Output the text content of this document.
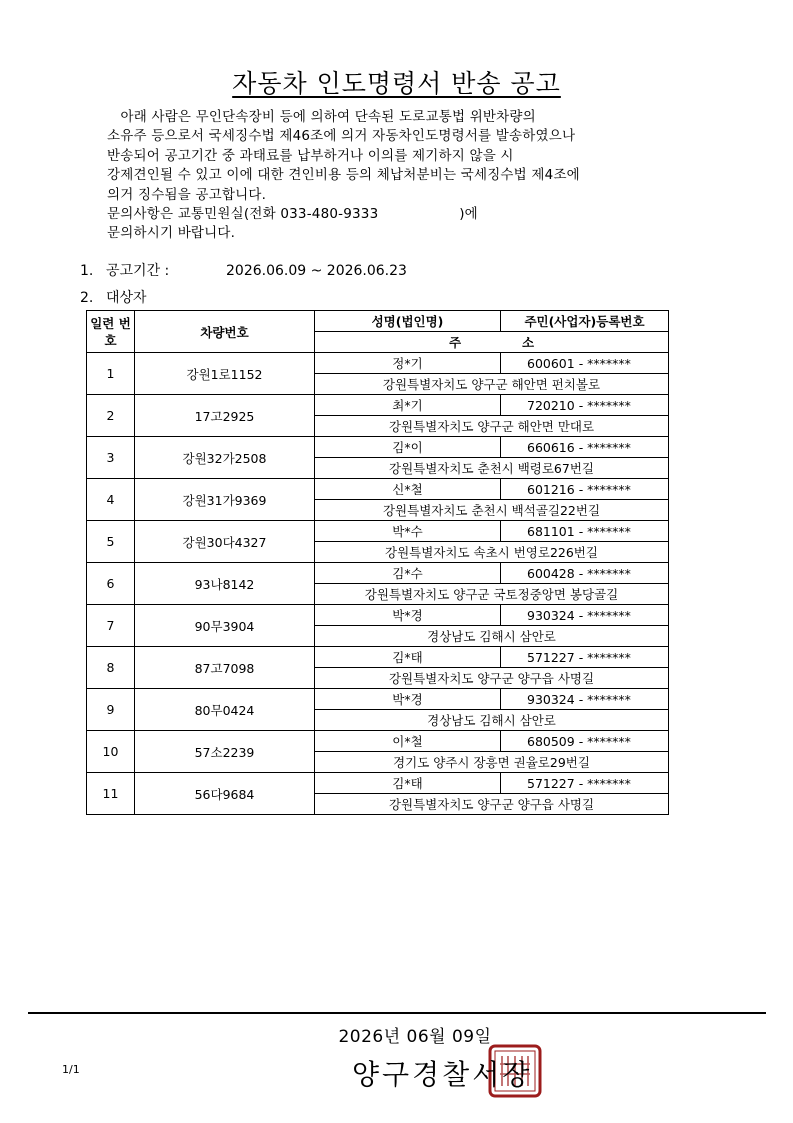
자동차 인도명령서 반송 공고
아래 사람은 무인단속장비 등에 의하여 단속된 도로교통법 위반차량의
소유주 등으로서 국세징수법 제46조에 의거 자동차인도명령서를 발송하였으나
반송되어 공고기간 중 과태료를 납부하거나 이의를 제기하지 않을 시
강제견인될 수 있고 이에 대한 견인비용 등의 체납처분비는 국세징수법 제4조에
의거 징수됨을 공고합니다.
문의사항은 교통민원실(전화 033-480-9333                  )에
문의하시기 바랍니다.
1. 공고기간 :	2026.06.09 ~ 2026.06.23
2. 대상자
일련 번호	차량번호	성명(법인명)	주민(사업자)등록번호
		주              소	
1	강원1로1152	정*기	600601 - *******
		강원특별자치도 양구군 해안면 펀치볼로	
2	17고2925	최*기	720210 - *******
		강원특별자치도 양구군 해안면 만대로	
3	강원32가2508	김*이	660616 - *******
		강원특별자치도 춘천시 백령로67번길	
4	강원31가9369	신*철	601216 - *******
		강원특별자치도 춘천시 백석골길22번길	
5	강원30다4327	박*수	681101 - *******
		강원특별자치도 속초시 번영로226번길	
6	93나8142	김*수	600428 - *******
		강원특별자치도 양구군 국토정중앙면 봉당골길	
7	90무3904	박*경	930324 - *******
		경상남도 김해시 삼안로	
8	87고7098	김*태	571227 - *******
		강원특별자치도 양구군 양구읍 사명길	
9	80무0424	박*경	930324 - *******
		경상남도 김해시 삼안로	
10	57소2239	이*철	680509 - *******
		경기도 양주시 장흥면 권율로29번길	
11	56다9684	김*태	571227 - *******
		강원특별자치도 양구군 양구읍 사명길	
2026년 06월 09일
1/1	양구경찰서장
